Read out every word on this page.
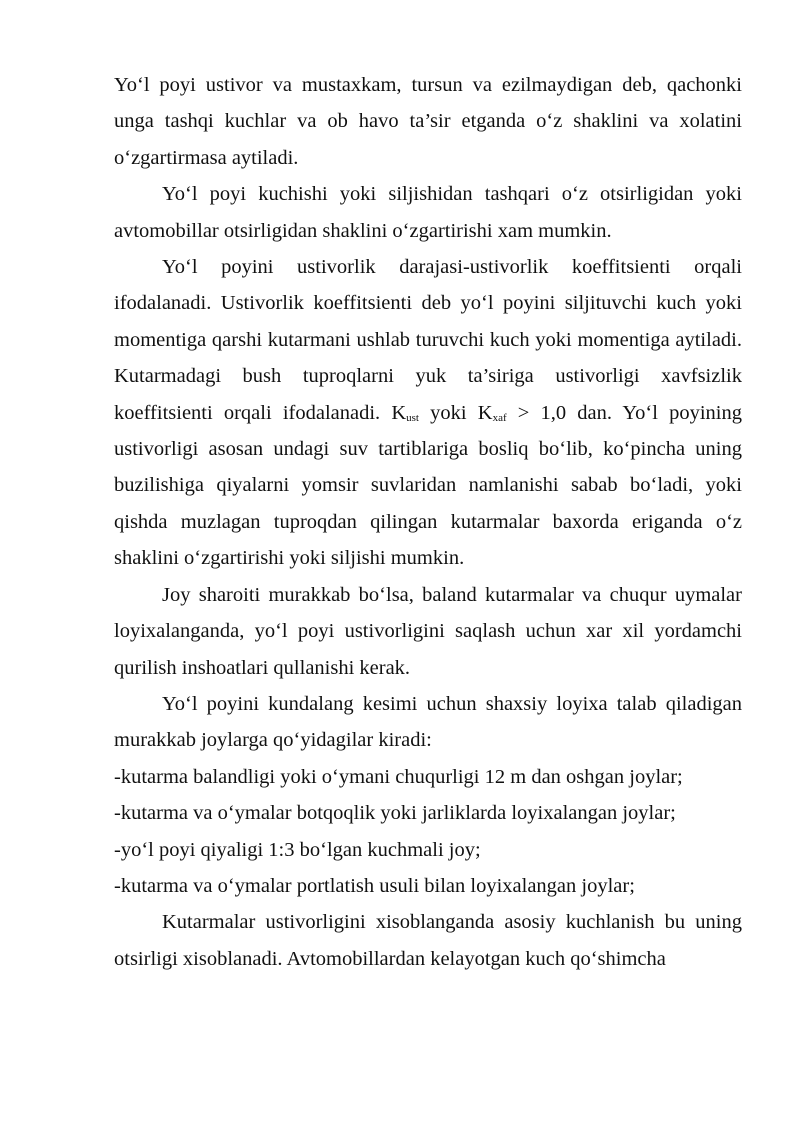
Yo‘l poyi ustivor va mustaxkam, tursun va ezilmaydigan deb, qachonki unga tashqi kuchlar va ob havo ta’sir etganda o‘z shaklini va xolatini o‘zgartirmasa aytiladi.

Yo‘l poyi kuchishi yoki siljishidan tashqari o‘z otsirligidan yoki avtomobillar otsirligidan shaklini o‘zgartirishi xam mumkin.

Yo‘l poyini ustivorlik darajasi-ustivorlik koeffitsienti orqali ifodalanadi. Ustivorlik koeffitsienti deb yo‘l poyini siljituvchi kuch yoki momentiga qarshi kutarmani ushlab turuvchi kuch yoki momentiga aytiladi. Kutarmadagi bush tuproqlarni yuk ta’siriga ustivorligi xavfsizlik koeffitsienti orqali ifodalanadi. $K_{ust}$ yoki $K_{xaf} > 1,0$ dan. Yo‘l poyining ustivorligi asosan undagi suv tartiblariga bosliq bo‘lib, ko‘pincha uning buzilishiga qiyalarni yomsir suvlaridan namlanishi sabab bo‘ladi, yoki qishda muzlagan tuproqdan qilingan kutarmalar baxorda eriganda o‘z shaklini o‘zgartirishi yoki siljishi mumkin.

Joy sharoiti murakkab bo‘lsa, baland kutarmalar va chuqur uymalar loyixalanganda, yo‘l poyi ustivorligini saqlash uchun xar xil yordamchi qurilish inshoatlari qullanishi kerak.

Yo‘l poyini kundalang kesimi uchun shaxsiy loyixa talab qiladigan murakkab joylarga qo‘yidagilar kiradi:

-kutarma balandligi yoki o‘ymani chuqurligi 12 m dan oshgan joylar;

-kutarma va o‘ymalar botqoqlik yoki jarliklarda loyixalangan joylar;

-yo‘l poyi qiyaligi 1:3 bo‘lgan kuchmali joy;

-kutarma va o‘ymalar portlatish usuli bilan loyixalangan joylar;

Kutarmalar ustivorligini xisoblanganda asosiy kuchlanish bu uning otsirligi xisoblanadi. Avtomobillardan kelayotgan kuch qo‘shimcha
